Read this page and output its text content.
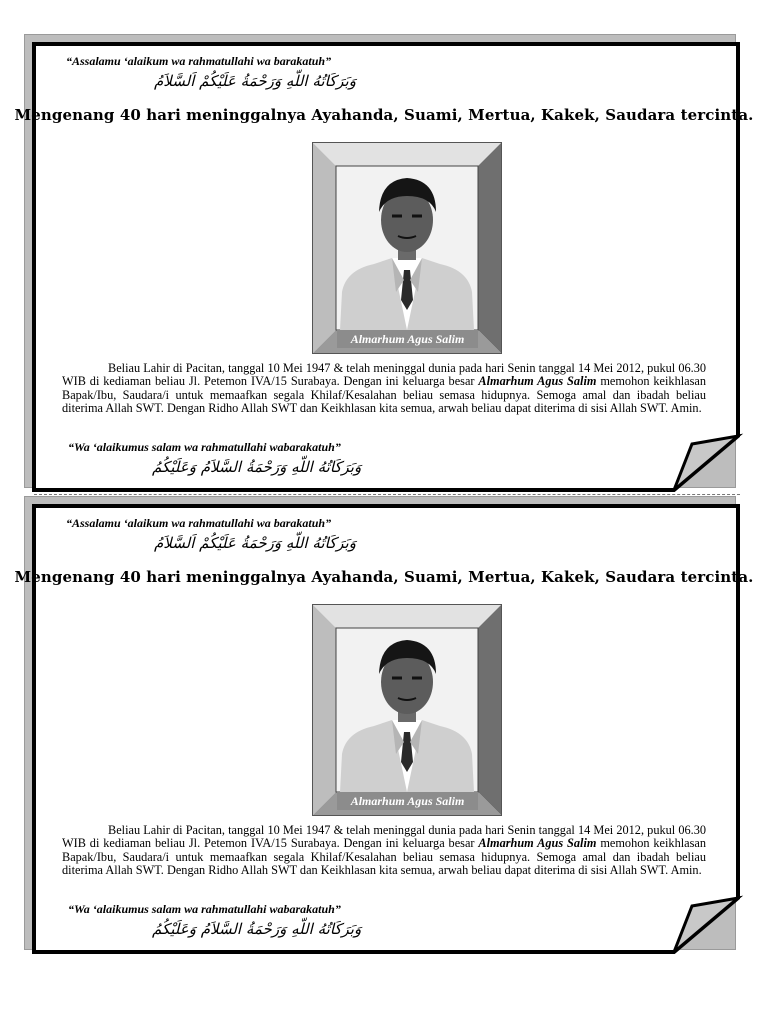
“Assalamu ‘alaikum wa rahmatullahi wa barakatuh”
وَبَرَكَاتُهُ اللّهِ وَرَحْمَةُ عَلَيْكُمْ اَلسَّلاَمُ
Mengenang 40 hari meninggalnya Ayahanda, Suami, Mertua, Kakek, Saudara tercinta.
Almarhum Agus Salim
Beliau Lahir di Pacitan, tanggal 10 Mei 1947 & telah meninggal dunia pada hari Senin tanggal 14 Mei 2012, pukul 06.30 WIB di kediaman beliau Jl. Petemon IVA/15 Surabaya. Dengan ini keluarga besar Almarhum Agus Salim memohon keikhlasan Bapak/Ibu, Saudara/i untuk memaafkan segala Khilaf/Kesalahan beliau semasa hidupnya. Semoga amal dan ibadah beliau diterima Allah SWT. Dengan Ridho Allah SWT dan Keikhlasan kita semua, arwah beliau dapat diterima di sisi Allah SWT. Amin.
“Wa ‘alaikumus salam wa rahmatullahi wabarakatuh”
وَبَرَكَاتُهُ اللّهِ وَرَحْمَةُ السَّلاَمُ وَعَلَيْكُمُ
“Assalamu ‘alaikum wa rahmatullahi wa barakatuh”
وَبَرَكَاتُهُ اللّهِ وَرَحْمَةُ عَلَيْكُمْ اَلسَّلاَمُ
Mengenang 40 hari meninggalnya Ayahanda, Suami, Mertua, Kakek, Saudara tercinta.
Almarhum Agus Salim
Beliau Lahir di Pacitan, tanggal 10 Mei 1947 & telah meninggal dunia pada hari Senin tanggal 14 Mei 2012, pukul 06.30 WIB di kediaman beliau Jl. Petemon IVA/15 Surabaya. Dengan ini keluarga besar Almarhum Agus Salim memohon keikhlasan Bapak/Ibu, Saudara/i untuk memaafkan segala Khilaf/Kesalahan beliau semasa hidupnya. Semoga amal dan ibadah beliau diterima Allah SWT. Dengan Ridho Allah SWT dan Keikhlasan kita semua, arwah beliau dapat diterima di sisi Allah SWT. Amin.
“Wa ‘alaikumus salam wa rahmatullahi wabarakatuh”
وَبَرَكَاتُهُ اللّهِ وَرَحْمَةُ السَّلاَمُ وَعَلَيْكُمُ
